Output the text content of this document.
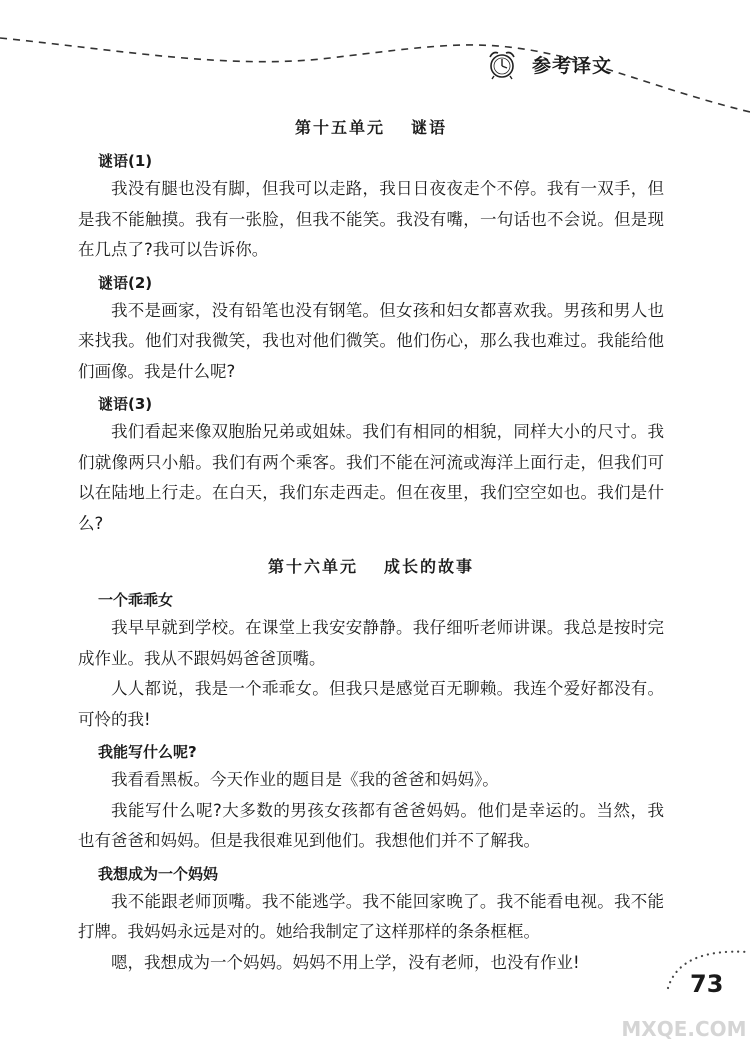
参考译文
第十五单元 谜语
谜语(1)

我没有腿也没有脚，但我可以走路，我日日夜夜走个不停。我有一双手，但是我不能触摸。我有一张脸，但我不能笑。我没有嘴，一句话也不会说。但是现在几点了?我可以告诉你。

谜语(2)

我不是画家，没有铅笔也没有钢笔。但女孩和妇女都喜欢我。男孩和男人也来找我。他们对我微笑，我也对他们微笑。他们伤心，那么我也难过。我能给他们画像。我是什么呢?

谜语(3)

我们看起来像双胞胎兄弟或姐妹。我们有相同的相貌，同样大小的尺寸。我们就像两只小船。我们有两个乘客。我们不能在河流或海洋上面行走，但我们可以在陆地上行走。在白天，我们东走西走。但在夜里，我们空空如也。我们是什么?

第十六单元 成长的故事
一个乖乖女

我早早就到学校。在课堂上我安安静静。我仔细听老师讲课。我总是按时完成作业。我从不跟妈妈爸爸顶嘴。

人人都说，我是一个乖乖女。但我只是感觉百无聊赖。我连个爱好都没有。可怜的我!

我能写什么呢?

我看看黑板。今天作业的题目是《我的爸爸和妈妈》。

我能写什么呢?大多数的男孩女孩都有爸爸妈妈。他们是幸运的。当然，我也有爸爸和妈妈。但是我很难见到他们。我想他们并不了解我。

我想成为一个妈妈

我不能跟老师顶嘴。我不能逃学。我不能回家晚了。我不能看电视。我不能打牌。我妈妈永远是对的。她给我制定了这样那样的条条框框。

嗯，我想成为一个妈妈。妈妈不用上学，没有老师，也没有作业!

73
MXQE.COM
